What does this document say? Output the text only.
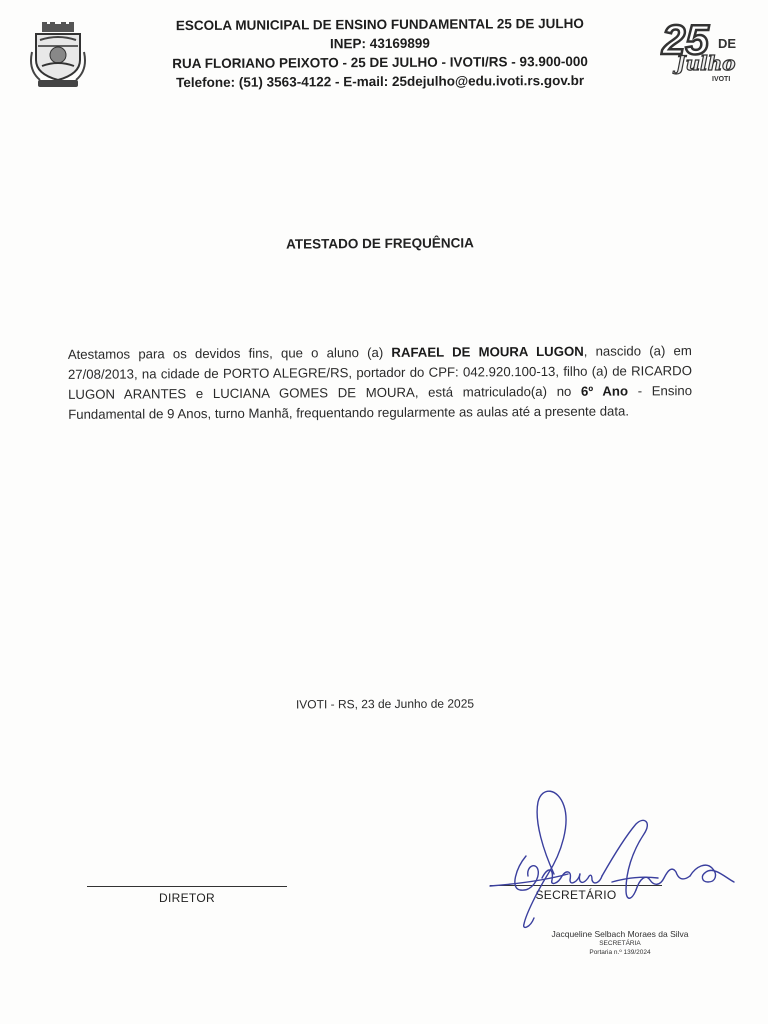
ESCOLA MUNICIPAL DE ENSINO FUNDAMENTAL 25 DE JULHO
INEP: 43169899
RUA FLORIANO PEIXOTO - 25 DE JULHO - IVOTI/RS - 93.900-000
Telefone: (51) 3563-4122 - E-mail: 25dejulho@edu.ivoti.rs.gov.br
25 DE
Julho
IVOTI
ATESTADO DE FREQUÊNCIA
Atestamos para os devidos fins, que o aluno (a) RAFAEL DE MOURA LUGON, nascido (a) em 27/08/2013, na cidade de PORTO ALEGRE/RS, portador do CPF: 042.920.100-13, filho (a) de RICARDO LUGON ARANTES e LUCIANA GOMES DE MOURA, está matriculado(a) no 6º Ano - Ensino Fundamental de 9 Anos, turno Manhã, frequentando regularmente as aulas até a presente data.
IVOTI - RS, 23 de Junho de 2025
DIRETOR	SECRETÁRIO
Jacqueline Selbach Moraes da Silva
SECRETÁRIA
Portaria n.º 139/2024
